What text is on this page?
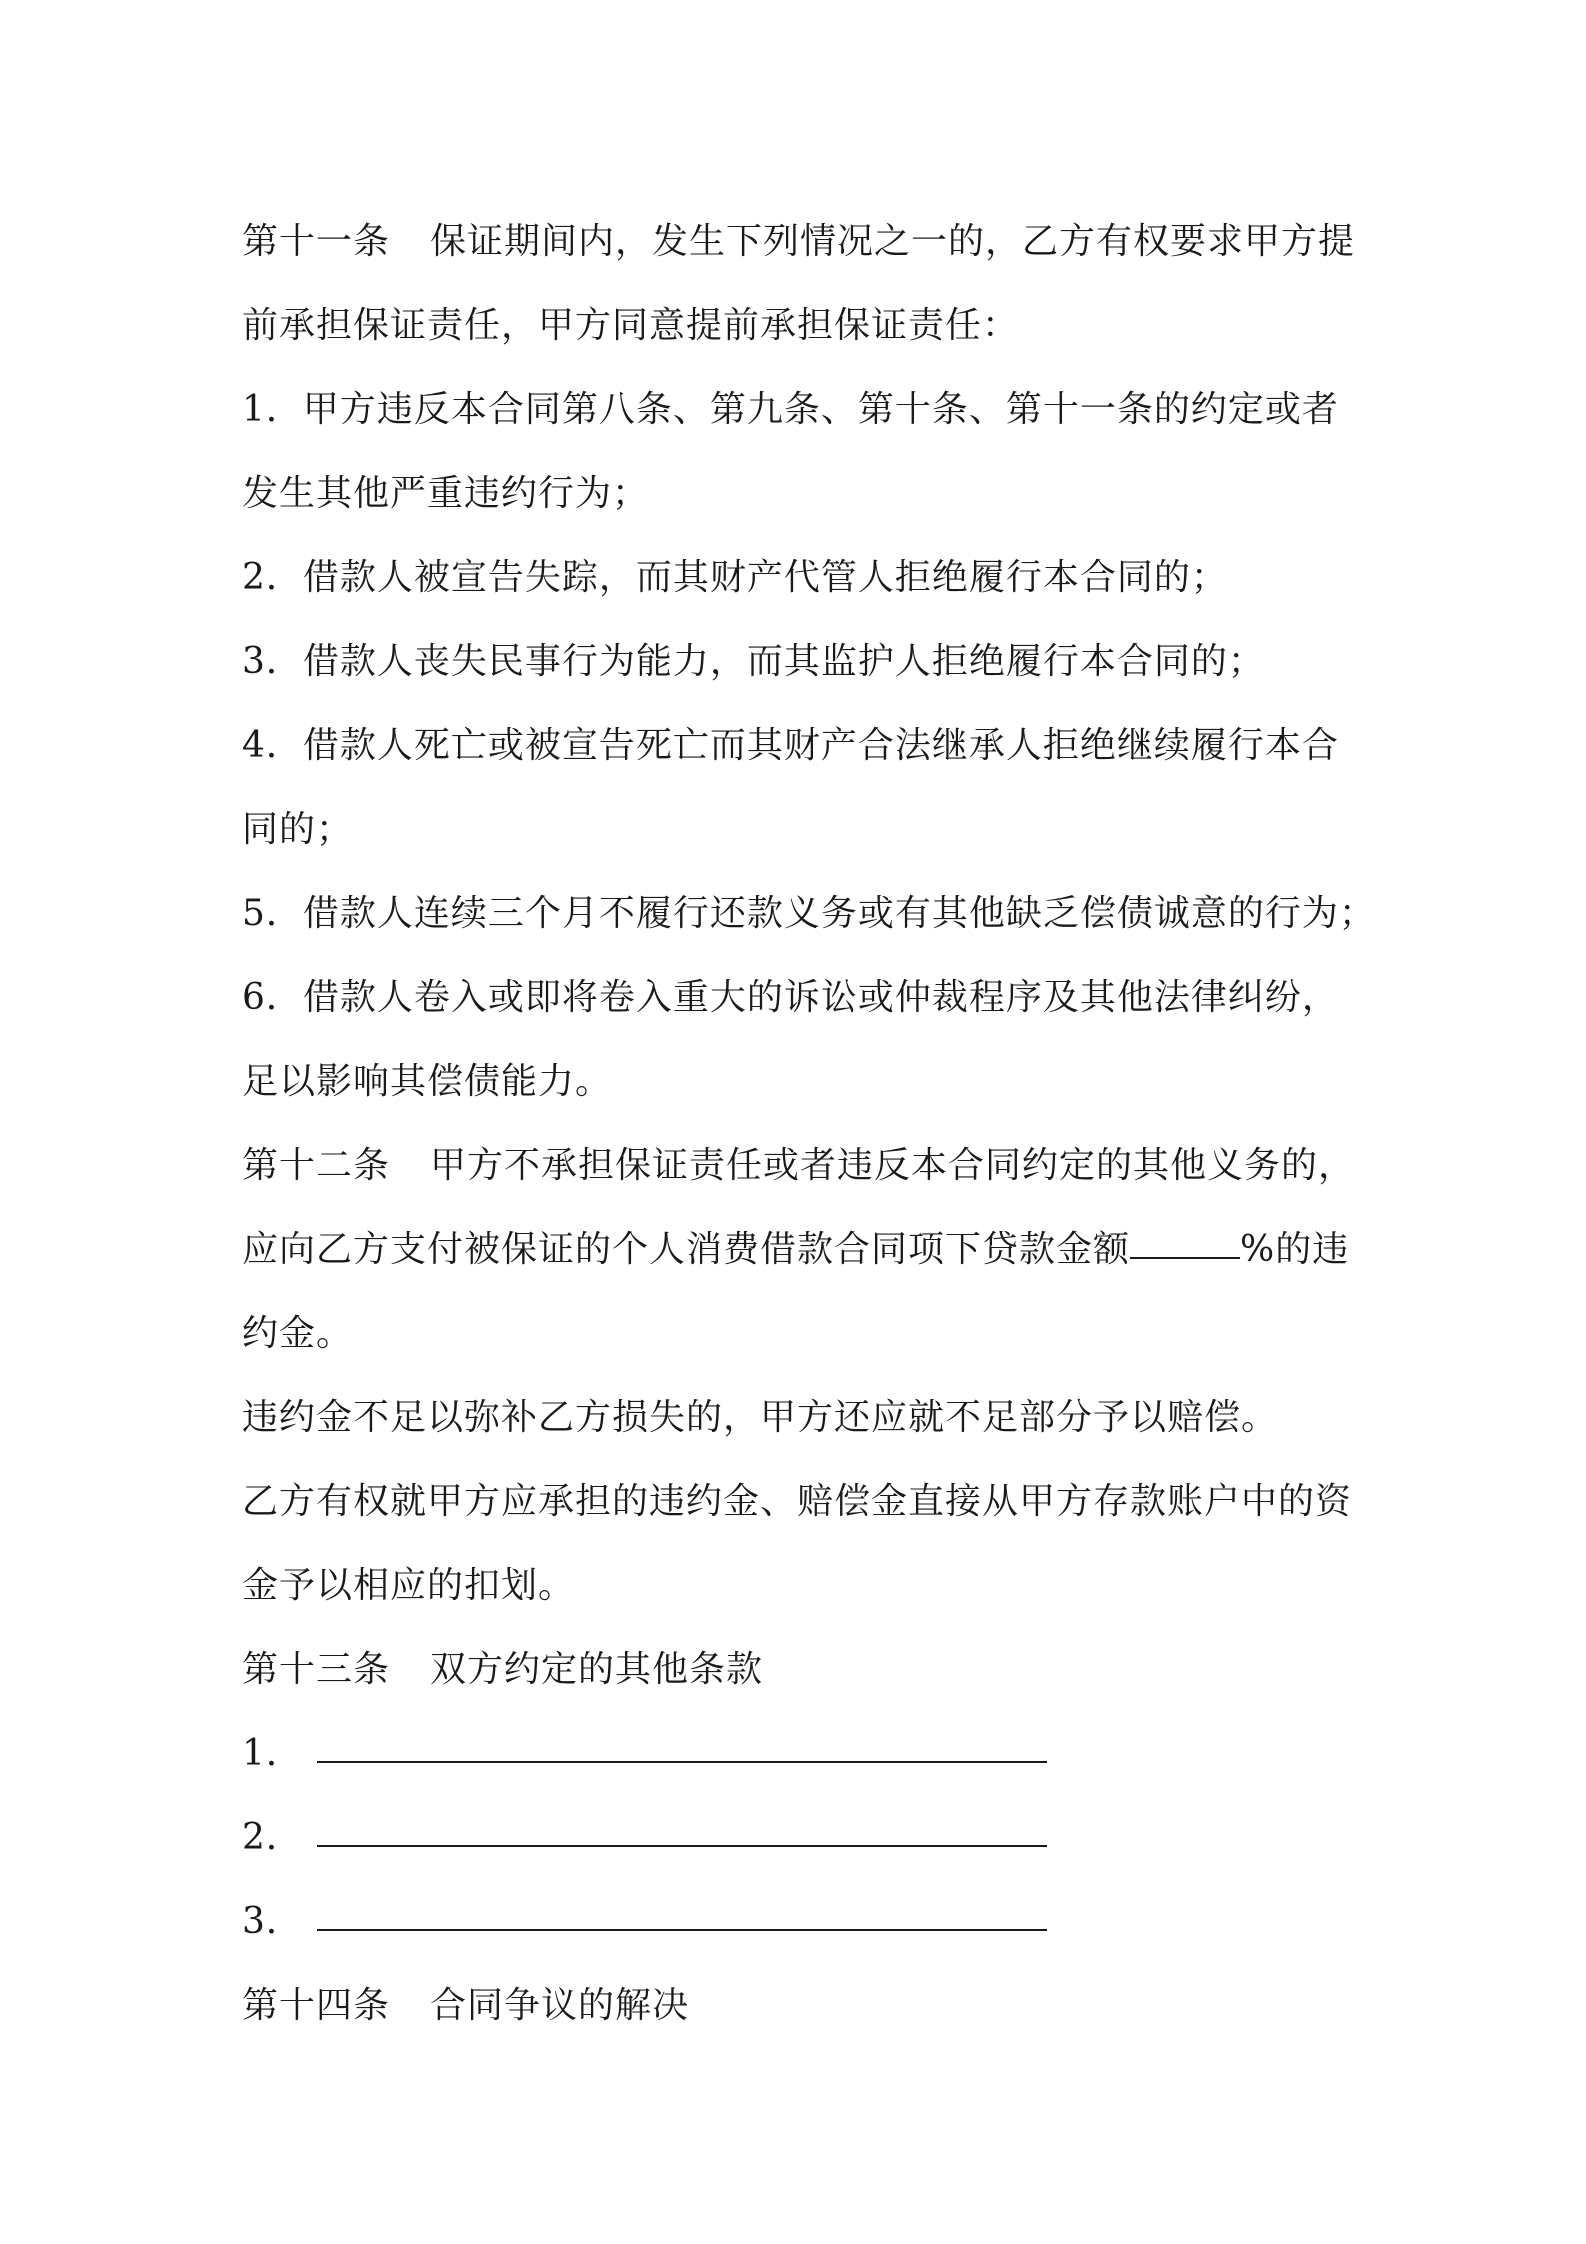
第十一条 保证期间内，发生下列情况之一的，乙方有权要求甲方提
前承担保证责任，甲方同意提前承担保证责任：
1．甲方违反本合同第八条、第九条、第十条、第十一条的约定或者
发生其他严重违约行为；
2．借款人被宣告失踪，而其财产代管人拒绝履行本合同的；
3．借款人丧失民事行为能力，而其监护人拒绝履行本合同的；
4．借款人死亡或被宣告死亡而其财产合法继承人拒绝继续履行本合
同的；
5．借款人连续三个月不履行还款义务或有其他缺乏偿债诚意的行为；
6．借款人卷入或即将卷入重大的诉讼或仲裁程序及其他法律纠纷，
足以影响其偿债能力。
第十二条 甲方不承担保证责任或者违反本合同约定的其他义务的，
应向乙方支付被保证的个人消费借款合同项下贷款金额	%的违
约金。
违约金不足以弥补乙方损失的，甲方还应就不足部分予以赔偿。
乙方有权就甲方应承担的违约金、赔偿金直接从甲方存款账户中的资
金予以相应的扣划。
第十三条 双方约定的其他条款
1．
2．
3．
第十四条 合同争议的解决
